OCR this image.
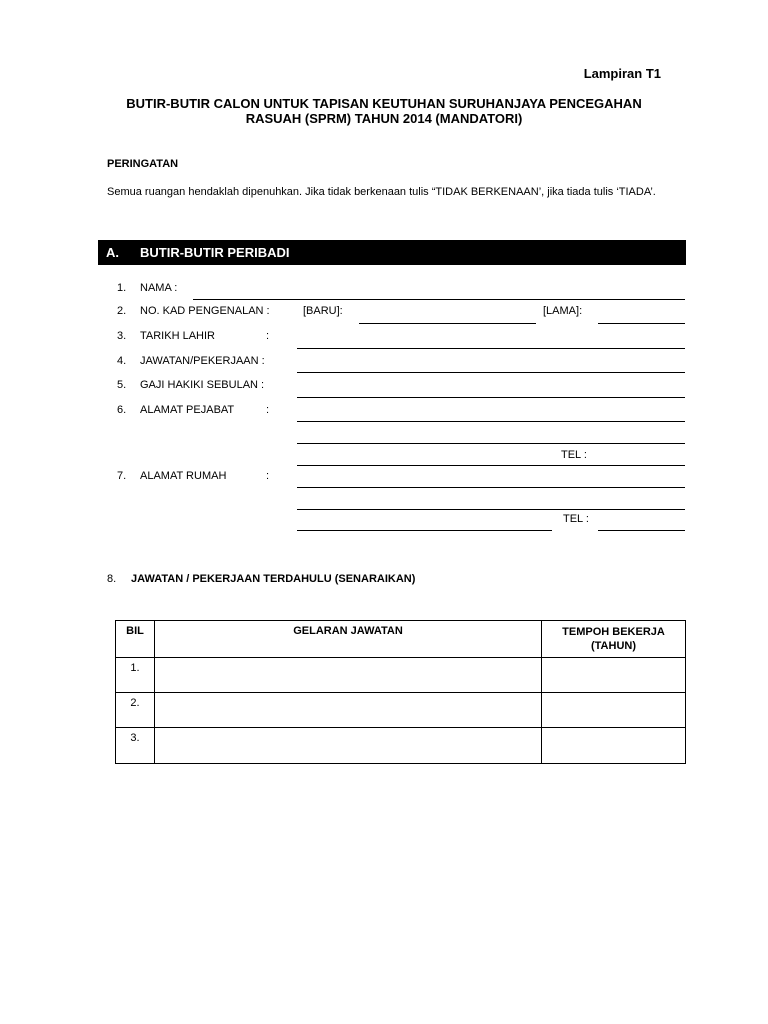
Lampiran T1
BUTIR-BUTIR CALON UNTUK TAPISAN KEUTUHAN SURUHANJAYA PENCEGAHAN
RASUAH (SPRM) TAHUN 2014 (MANDATORI)
PERINGATAN
Semua ruangan hendaklah dipenuhkan. Jika tidak berkenaan tulis “TIDAK BERKENAAN’, jika tiada tulis ‘TIADA’.
A. BUTIR-BUTIR PERIBADI
1. NAMA :
2. NO. KAD PENGENALAN :	[BARU]:	[LAMA]:
3. TARIKH LAHIR	:
4. JAWATAN/PEKERJAAN :
5. GAJI HAKIKI SEBULAN :
6. ALAMAT PEJABAT	:
TEL :
7. ALAMAT RUMAH	:
TEL :
8. JAWATAN / PEKERJAAN TERDAHULU (SENARAIKAN)
BIL	GELARAN JAWATAN	TEMPOH BEKERJA
(TAHUN)
1.		
2.		
3.		
